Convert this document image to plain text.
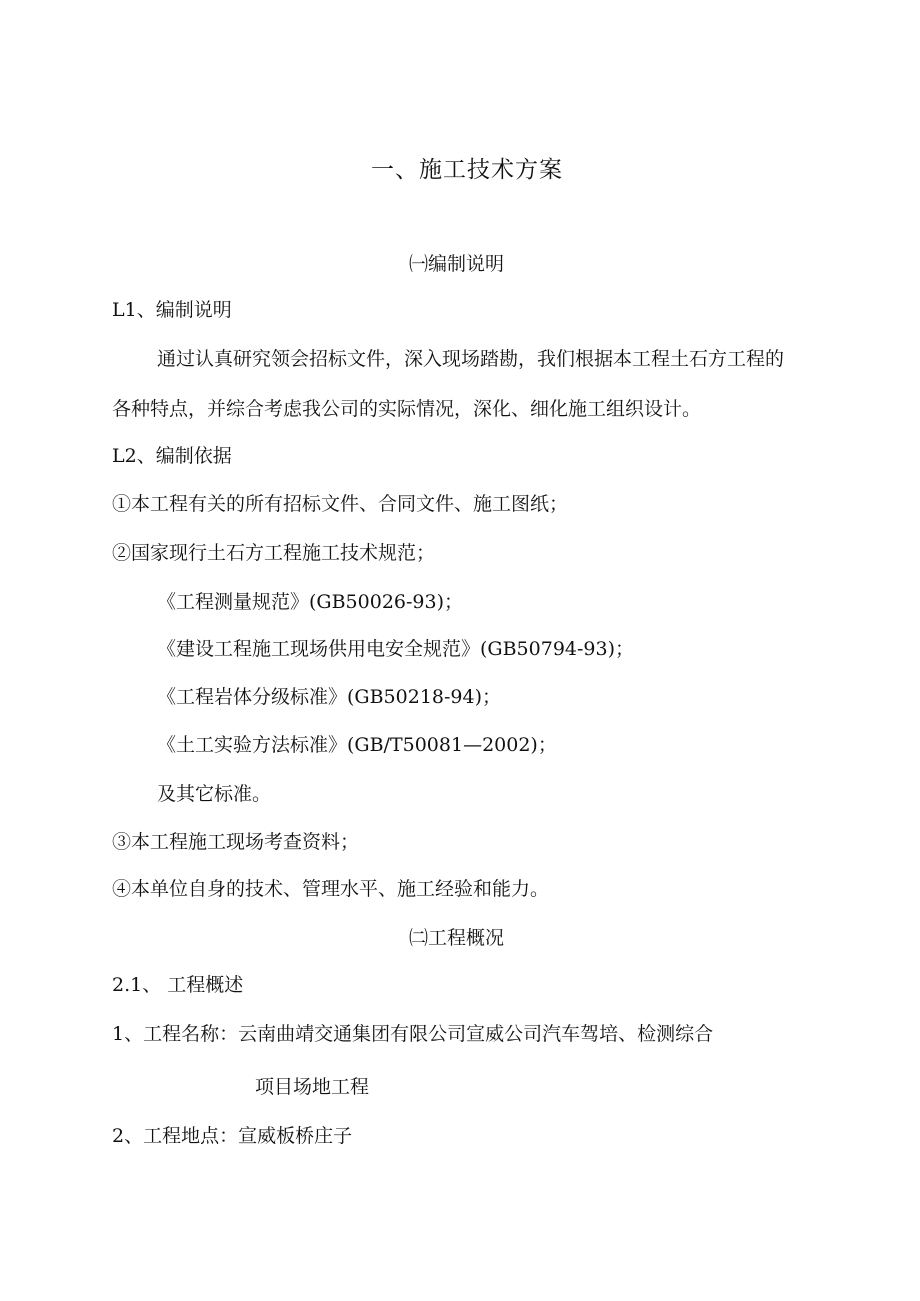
一、施工技术方案
㈠编制说明
L1、编制说明
通过认真研究领会招标文件，深入现场踏勘，我们根据本工程土石方工程的
各种特点，并综合考虑我公司的实际情况，深化、细化施工组织设计。
L2、编制依据
①本工程有关的所有招标文件、合同文件、施工图纸；
②国家现行土石方工程施工技术规范；
《工程测量规范》(GB50026-93)；
《建设工程施工现场供用电安全规范》(GB50794-93)；
《工程岩体分级标准》(GB50218-94)；
《土工实验方法标准》(GB/T50081—2002)；
及其它标准。
③本工程施工现场考查资料；
④本单位自身的技术、管理水平、施工经验和能力。
㈡工程概况
2.1、 工程概述
1、工程名称：云南曲靖交通集团有限公司宣威公司汽车驾培、检测综合
项目场地工程
2、工程地点：宣威板桥庄子
